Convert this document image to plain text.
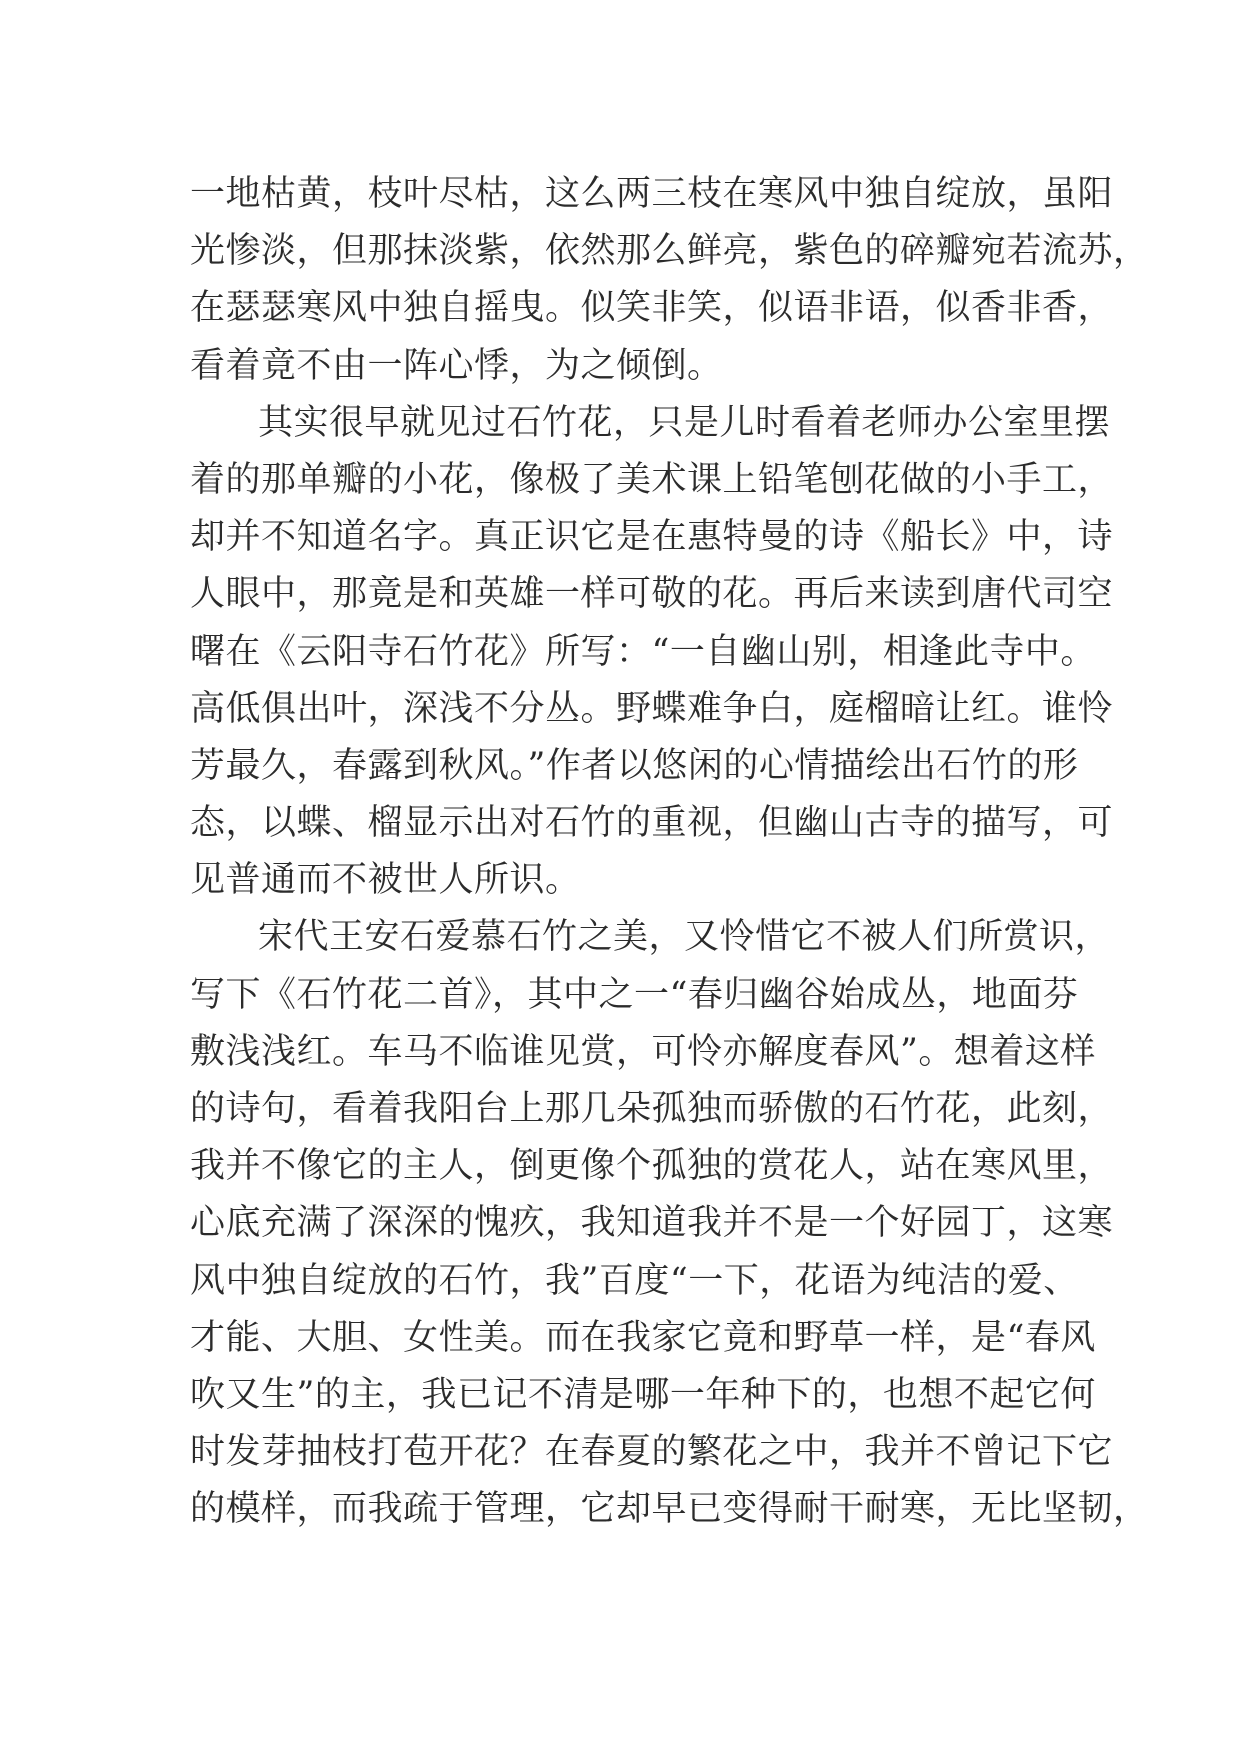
一地枯黄，枝叶尽枯，这么两三枝在寒风中独自绽放，虽阳
光惨淡，但那抹淡紫，依然那么鲜亮，紫色的碎瓣宛若流苏，
在瑟瑟寒风中独自摇曳。似笑非笑，似语非语，似香非香，
看着竟不由一阵心悸，为之倾倒。
其实很早就见过石竹花，只是儿时看着老师办公室里摆
着的那单瓣的小花，像极了美术课上铅笔刨花做的小手工，
却并不知道名字。真正识它是在惠特曼的诗《船长》中，诗
人眼中，那竟是和英雄一样可敬的花。再后来读到唐代司空
曙在《云阳寺石竹花》所写：“一自幽山别，相逢此寺中。
高低俱出叶，深浅不分丛。野蝶难争白，庭榴暗让红。谁怜
芳最久，春露到秋风。”作者以悠闲的心情描绘出石竹的形
态，以蝶、榴显示出对石竹的重视，但幽山古寺的描写，可
见普通而不被世人所识。
宋代王安石爱慕石竹之美，又怜惜它不被人们所赏识，
写下《石竹花二首》，其中之一“春归幽谷始成丛，地面芬
敷浅浅红。车马不临谁见赏，可怜亦解度春风”。想着这样
的诗句，看着我阳台上那几朵孤独而骄傲的石竹花，此刻，
我并不像它的主人，倒更像个孤独的赏花人，站在寒风里，
心底充满了深深的愧疚，我知道我并不是一个好园丁，这寒
风中独自绽放的石竹，我”百度“一下，花语为纯洁的爱、
才能、大胆、女性美。而在我家它竟和野草一样，是“春风
吹又生”的主，我已记不清是哪一年种下的，也想不起它何
时发芽抽枝打苞开花？在春夏的繁花之中，我并不曾记下它
的模样，而我疏于管理，它却早已变得耐干耐寒，无比坚韧，
